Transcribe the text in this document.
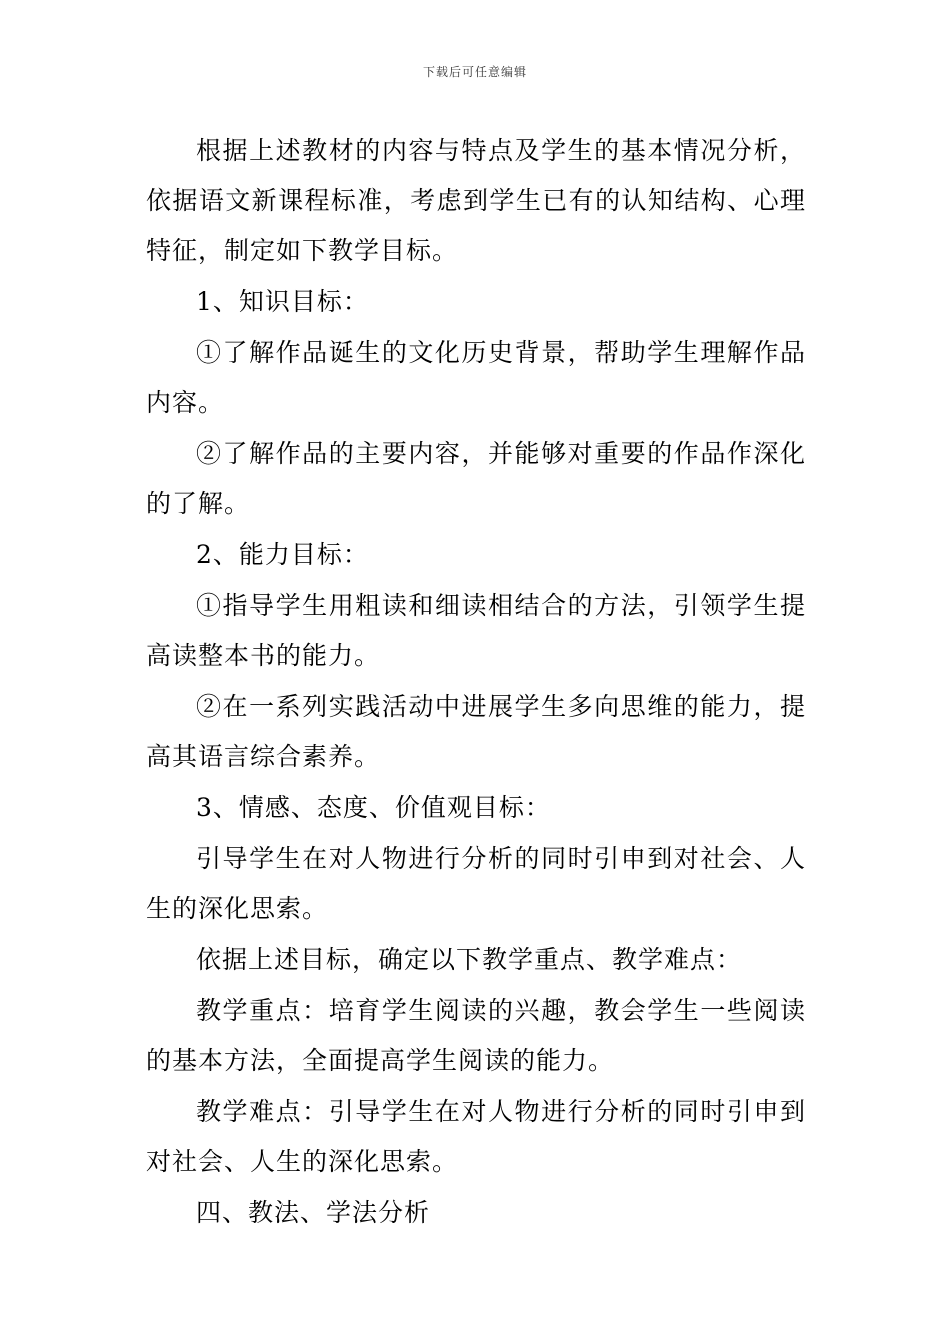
下载后可任意编辑

根据上述教材的内容与特点及学生的基本情况分析，依据语文新课程标准，考虑到学生已有的认知结构、心理特征，制定如下教学目标。

1、知识目标：

①了解作品诞生的文化历史背景，帮助学生理解作品内容。

②了解作品的主要内容，并能够对重要的作品作深化的了解。

2、能力目标：

①指导学生用粗读和细读相结合的方法，引领学生提高读整本书的能力。

②在一系列实践活动中进展学生多向思维的能力，提高其语言综合素养。

3、情感、态度、价值观目标：

引导学生在对人物进行分析的同时引申到对社会、人生的深化思索。

依据上述目标，确定以下教学重点、教学难点：

教学重点：培育学生阅读的兴趣，教会学生一些阅读的基本方法，全面提高学生阅读的能力。

教学难点：引导学生在对人物进行分析的同时引申到对社会、人生的深化思索。

四、教法、学法分析
